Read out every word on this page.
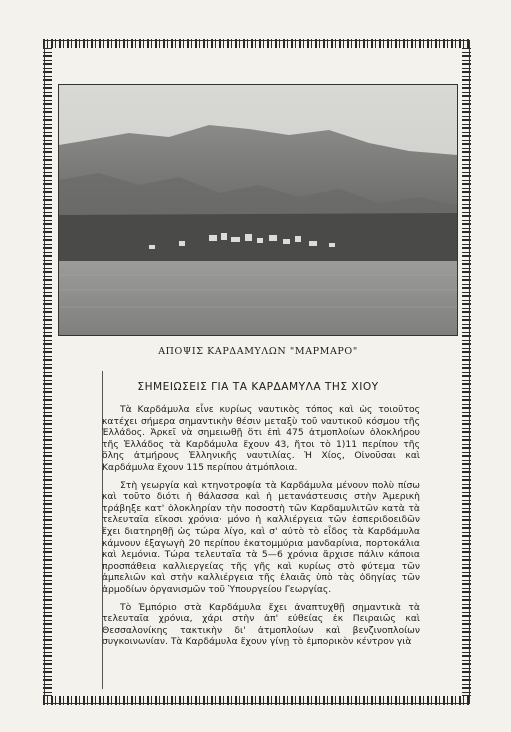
ΑΠΟΨΙΣ ΚΑΡΔΑΜΥΛΩΝ "ΜΑΡΜΑΡΟ"
ΣΗΜΕΙΩΣΕΙΣ ΓΙΑ ΤΑ ΚΑΡΔΑΜΥΛΑ ΤΗΣ ΧΙΟΥ

Τὰ Καρδάμυλα εἶνε κυρίως ναυτικὸς τόπος καὶ ὡς τοιοῦτος κατέχει σήμερα σημαντικὴν θέσιν μεταξὺ τοῦ ναυτικοῦ κόσμου τῆς Ἑλλάδος. Ἀρκεῖ νὰ σημειωθῇ ὅτι ἐπὶ 475 ἀτμοπλοίων ὁλοκλήρου τῆς Ἑλλάδος τὰ Καρδάμυλα ἔχουν 43, ἤτοι τὸ 1)11 περίπου τῆς ὅλης ἀτμήρους Ἑλληνικῆς ναυτιλίας. Ἡ Χίος, Οἰνοῦσαι καὶ Καρδάμυλα ἔχουν 115 περίπου ἀτμόπλοια.

Στὴ γεωργία καὶ κτηνοτροφία τὰ Καρδάμυλα μένουν πολὺ πίσω καὶ τοῦτο διότι ἡ θάλασσα καὶ ἡ μετανάστευσις στὴν Ἀμερικὴ τράβηξε κατ' ὁλοκληρίαν τὴν ποσοστὴ τῶν Καρδαμυλιτῶν κατὰ τὰ τελευταῖα εἴκοσι χρόνια· μόνο ἡ καλλιέργεια τῶν ἑσπεριδοειδῶν ἔχει διατηρηθῇ ὡς τώρα λίγο, καὶ σ' αὐτὸ τὸ εἶδος τὰ Καρδάμυλα κάμνουν ἐξαγωγὴ 20 περίπου ἑκατομμύρια μανδαρίνια, πορτοκάλια καὶ λεμόνια. Τώρα τελευταῖα τὰ 5—6 χρόνια ἄρχισε πάλιν κάποια προσπάθεια καλλιεργείας τῆς γῆς καὶ κυρίως στὸ φύτεμα τῶν ἀμπελιῶν καὶ στὴν καλλιέργεια τῆς ἐλαιᾶς ὑπὸ τὰς ὁδηγίας τῶν ἁρμοδίων ὀργανισμῶν τοῦ Ὑπουργείου Γεωργίας.

Τὸ Ἐμπόριο στὰ Καρδάμυλα ἔχει ἀναπτυχθῇ σημαντικὰ τὰ τελευταῖα χρόνια, χάρι στὴν ἀπ' εὐθείας ἐκ Πειραιῶς καὶ Θεσσαλονίκης τακτικὴν δι' ἀτμοπλοίων καὶ βενζινοπλοίων συγκοινωνίαν. Τὰ Καρδάμυλα ἔχουν γίνῃ τὸ ἐμπορικὸν κέντρον γιὰ
